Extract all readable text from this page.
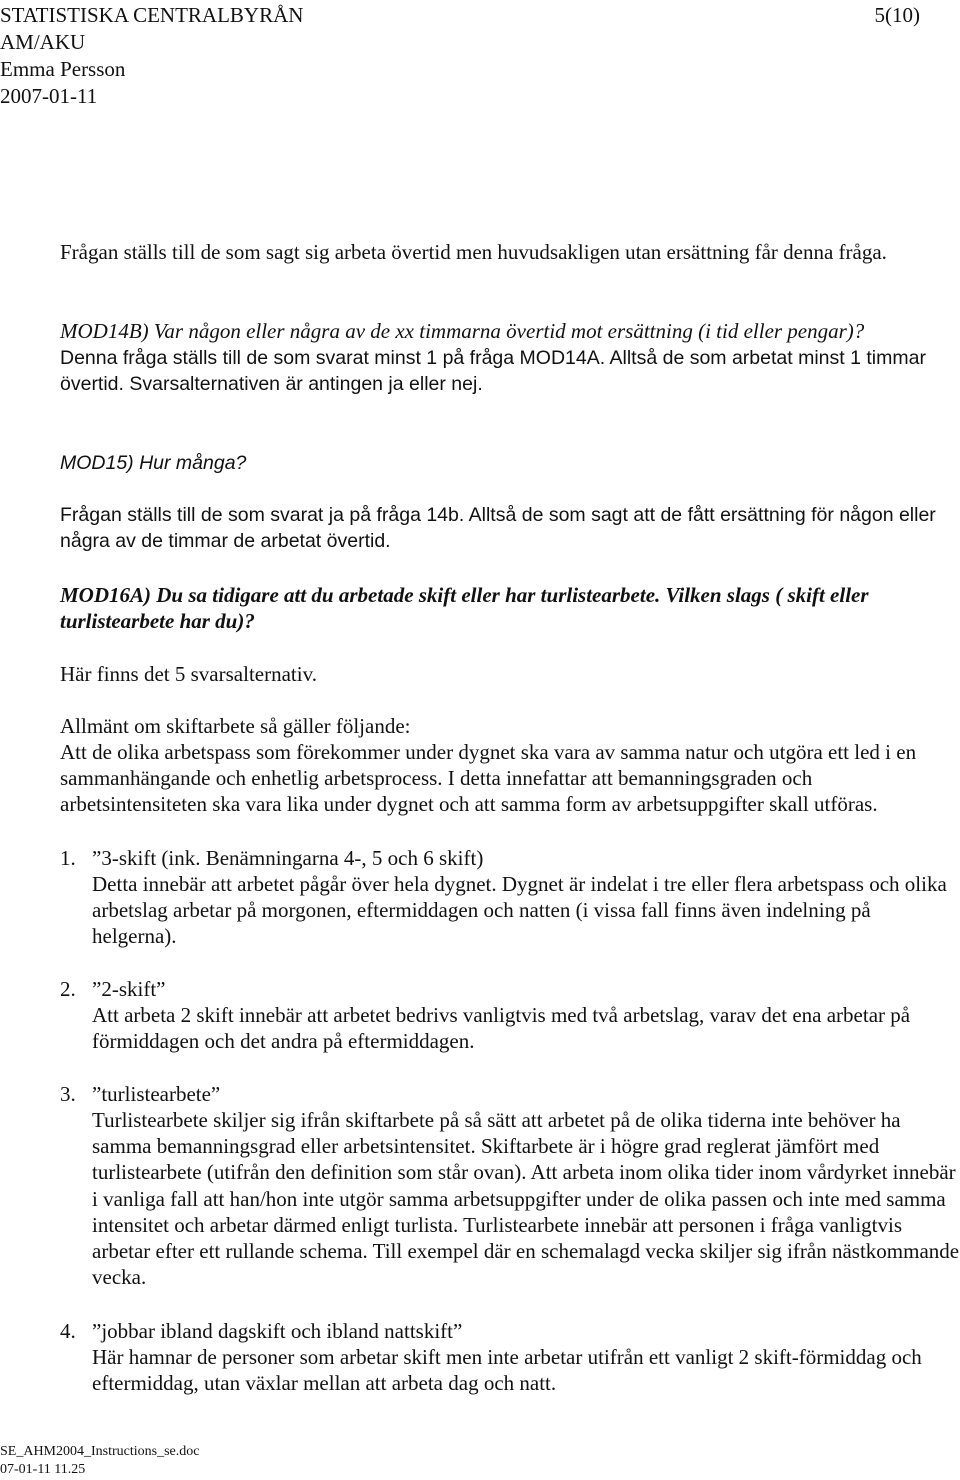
STATISTISKA CENTRALBYRÅN	5(10)
AM/AKU
Emma Persson
2007-01-11

Frågan ställs till de som sagt sig arbeta övertid men huvudsakligen utan ersättning får denna fråga.

MOD14B) Var någon eller några av de xx timmarna övertid mot ersättning (i tid eller pengar)?

Denna fråga ställs till de som svarat minst 1 på fråga MOD14A. Alltså de som arbetat minst 1 timmar övertid. Svarsalternativen är antingen ja eller nej.

MOD15) Hur många?

Frågan ställs till de som svarat ja på fråga 14b. Alltså de som sagt att de fått ersättning för någon eller några av de timmar de arbetat övertid.

MOD16A) Du sa tidigare att du arbetade skift eller har turlistearbete. Vilken slags ( skift eller turlistearbete har du)?

Här finns det 5 svarsalternativ.

Allmänt om skiftarbete så gäller följande:

Att de olika arbetspass som förekommer under dygnet ska vara av samma natur och utgöra ett led i en sammanhängande och enhetlig arbetsprocess. I detta innefattar att bemanningsgraden och arbetsintensiteten ska vara lika under dygnet och att samma form av arbetsuppgifter skall utföras.

1. ”3-skift (ink. Benämningarna 4-, 5 och 6 skift)

Detta innebär att arbetet pågår över hela dygnet. Dygnet är indelat i tre eller flera arbetspass och olika arbetslag arbetar på morgonen, eftermiddagen och natten (i vissa fall finns även indelning på helgerna).

2. ”2-skift”

Att arbeta 2 skift innebär att arbetet bedrivs vanligtvis med två arbetslag, varav det ena arbetar på förmiddagen och det andra på eftermiddagen.

3. ”turlistearbete”

Turlistearbete skiljer sig ifrån skiftarbete på så sätt att arbetet på de olika tiderna inte behöver ha samma bemanningsgrad eller arbetsintensitet. Skiftarbete är i högre grad reglerat jämfört med turlistearbete (utifrån den definition som står ovan). Att arbeta inom olika tider inom vårdyrket innebär i vanliga fall att han/hon inte utgör samma arbetsuppgifter under de olika passen och inte med samma intensitet och arbetar därmed enligt turlista. Turlistearbete innebär att personen i fråga vanligtvis arbetar efter ett rullande schema. Till exempel där en schemalagd vecka skiljer sig ifrån nästkommande vecka.

4. ”jobbar ibland dagskift och ibland nattskift”

Här hamnar de personer som arbetar skift men inte arbetar utifrån ett vanligt 2 skift-förmiddag och eftermiddag, utan växlar mellan att arbeta dag och natt.

SE_AHM2004_Instructions_se.doc
07-01-11 11.25
